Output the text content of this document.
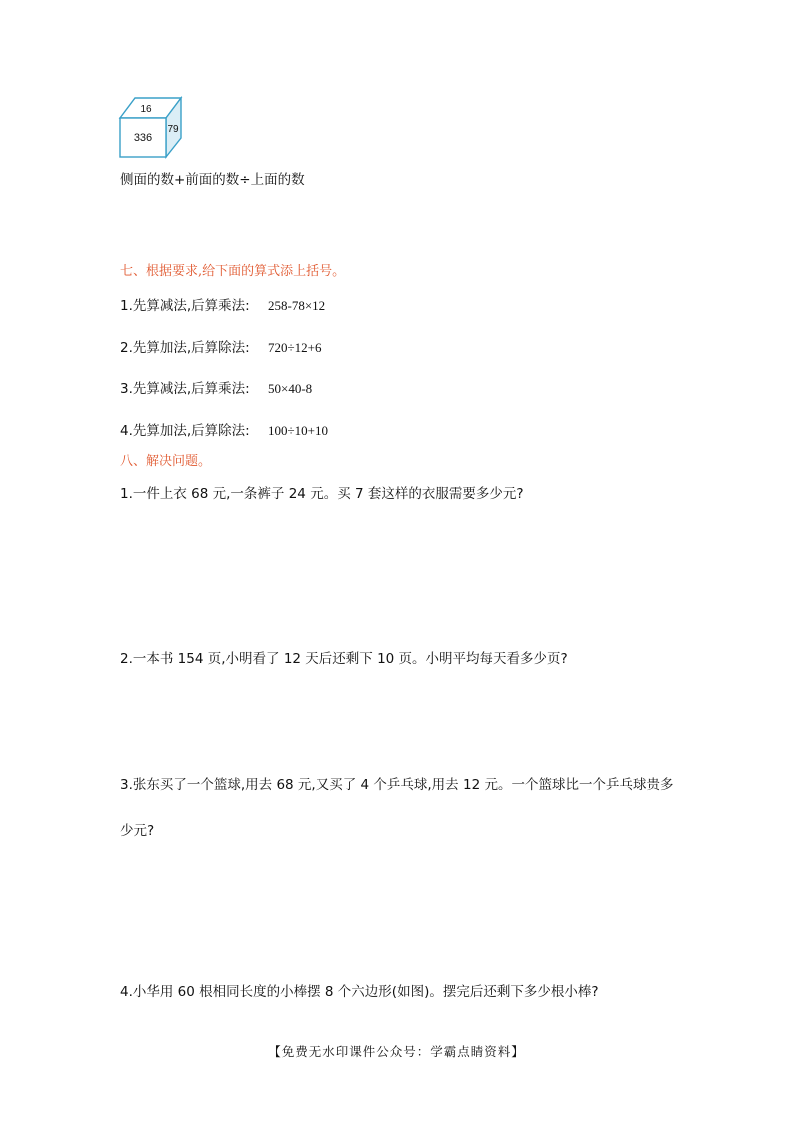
16
336
79
侧面的数+前面的数÷上面的数
七、根据要求,给下面的算式添上括号。
1.先算减法,后算乘法: 258-78×12
2.先算加法,后算除法: 720÷12+6
3.先算减法,后算乘法: 50×40-8
4.先算加法,后算除法: 100÷10+10
八、解决问题。
1.一件上衣 68 元,一条裤子 24 元。买 7 套这样的衣服需要多少元?
2.一本书 154 页,小明看了 12 天后还剩下 10 页。小明平均每天看多少页?
3.张东买了一个篮球,用去 68 元,又买了 4 个乒乓球,用去 12 元。一个篮球比一个乒乓球贵多
少元?
4.小华用 60 根相同长度的小棒摆 8 个六边形(如图)。摆完后还剩下多少根小棒?
【免费无水印课件公众号：学霸点睛资料】
